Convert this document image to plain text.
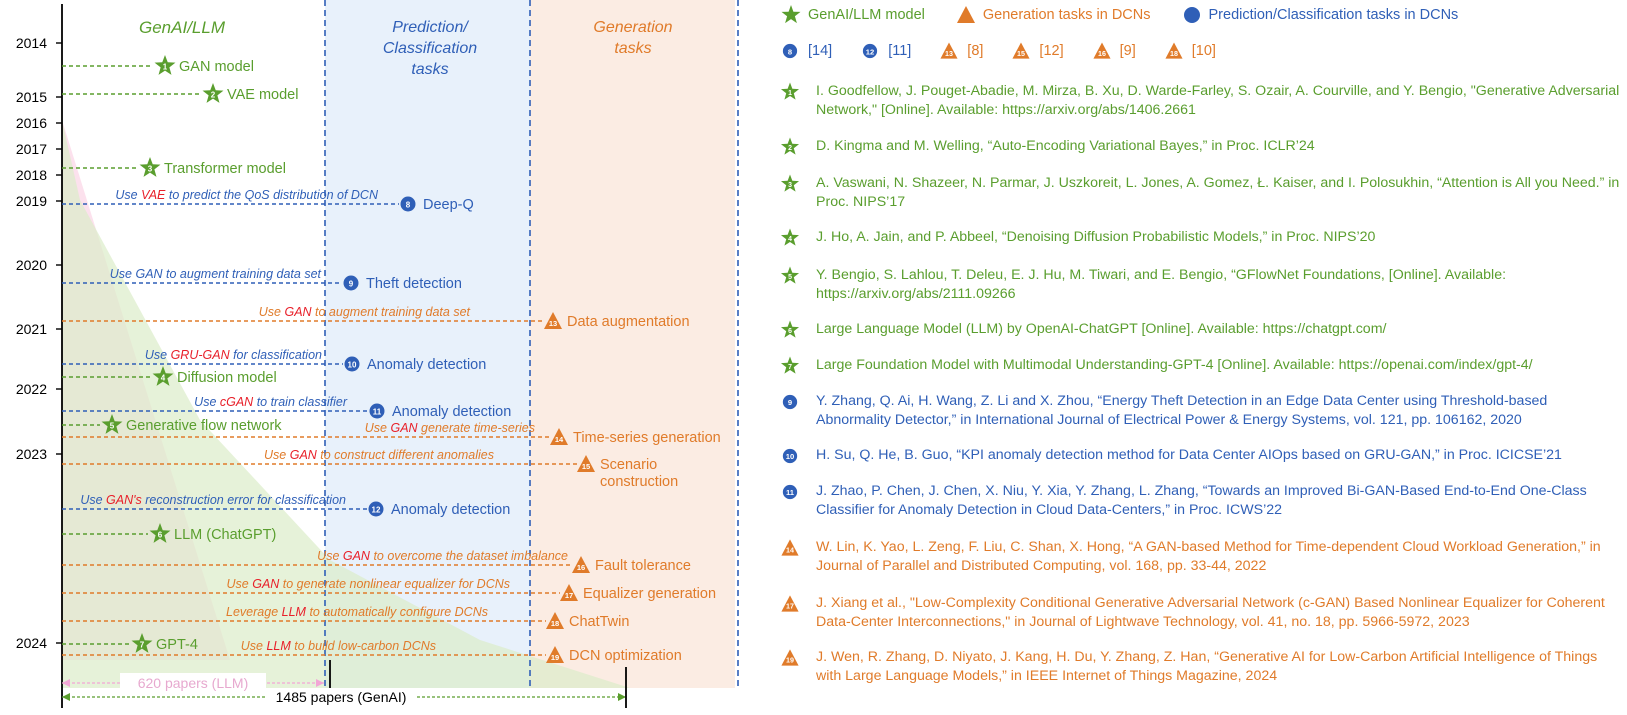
GenAI/LLM	Prediction/
Classification
tasks
Generation
tasks
2014
2015
2016
2017
2018
2019
2020
2021
2022
2023
2024
1 GAN model
2 VAE model
3 Transformer model
4 Diffusion model
5 Generative flow network
6 LLM (ChatGPT)
7 GPT-4
8 Deep-Q
Use VAE to predict the QoS distribution of DCN
9 Theft detection
Use GAN to augment training data set
10 Anomaly detection
Use GRU-GAN for classification
11 Anomaly detection
Use cGAN to train classifier
12 Anomaly detection
Use GAN's reconstruction error for classification
13 Data augmentation
Use GAN to augment training data set
14 Time-series generation
Use GAN generate time-series
15 Scenario
construction
Use GAN to construct different anomalies
16 Fault tolerance
Use GAN to overcome the dataset imbalance
17 Equalizer generation
Use GAN to generate nonlinear equalizer for DCNs
18 ChatTwin
Leverage LLM to automatically configure DCNs
19 DCN optimization
Use LLM to build low-carbon DCNs
620 papers (LLM)
1485 papers (GenAI)
GenAI/LLM model	Generation tasks in DCNs	Prediction/Classification tasks in DCNs
8 [14]	12 [11]	13 [8]	15 [12]	16 [9]	18 [10]
1 I. Goodfellow, J. Pouget-Abadie, M. Mirza, B. Xu, D. Warde-Farley, S. Ozair, A. Courville, and Y. Bengio, "Generative Adversarial Network," [Online]. Available: https://arxiv.org/abs/1406.2661
2 D. Kingma and M. Welling, “Auto-Encoding Variational Bayes,” in Proc. ICLR’24
3 A. Vaswani, N. Shazeer, N. Parmar, J. Uszkoreit, L. Jones, A. Gomez, Ł. Kaiser, and I. Polosukhin, “Attention is All you Need.” in Proc. NIPS’17
4 J. Ho, A. Jain, and P. Abbeel, “Denoising Diffusion Probabilistic Models,” in Proc. NIPS’20
5 Y. Bengio, S. Lahlou, T. Deleu, E. J. Hu, M. Tiwari, and E. Bengio, “GFlowNet Foundations, [Online]. Available: https://arxiv.org/abs/2111.09266
6 Large Language Model (LLM) by OpenAI-ChatGPT [Online]. Available: https://chatgpt.com/
7 Large Foundation Model with Multimodal Understanding-GPT-4 [Online]. Available: https://openai.com/index/gpt-4/
9 Y. Zhang, Q. Ai, H. Wang, Z. Li and X. Zhou, “Energy Theft Detection in an Edge Data Center using Threshold-based Abnormality Detector,” in International Journal of Electrical Power & Energy Systems, vol. 121, pp. 106162, 2020
10 H. Su, Q. He, B. Guo, “KPI anomaly detection method for Data Center AIOps based on GRU-GAN,” in Proc. ICICSE’21
11 J. Zhao, P. Chen, J. Chen, X. Niu, Y. Xia, Y. Zhang, L. Zhang, “Towards an Improved Bi-GAN-Based End-to-End One-Class Classifier for Anomaly Detection in Cloud Data-Centers,” in Proc. ICWS’22
14 W. Lin, K. Yao, L. Zeng, F. Liu, C. Shan, X. Hong, “A GAN-based Method for Time-dependent Cloud Workload Generation,” in Journal of Parallel and Distributed Computing, vol. 168, pp. 33-44, 2022
17 J. Xiang et al., "Low-Complexity Conditional Generative Adversarial Network (c-GAN) Based Nonlinear Equalizer for Coherent Data-Center Interconnections," in Journal of Lightwave Technology, vol. 41, no. 18, pp. 5966-5972, 2023
19 J. Wen, R. Zhang, D. Niyato, J. Kang, H. Du, Y. Zhang, Z. Han, “Generative AI for Low-Carbon Artificial Intelligence of Things with Large Language Models,” in IEEE Internet of Things Magazine, 2024
